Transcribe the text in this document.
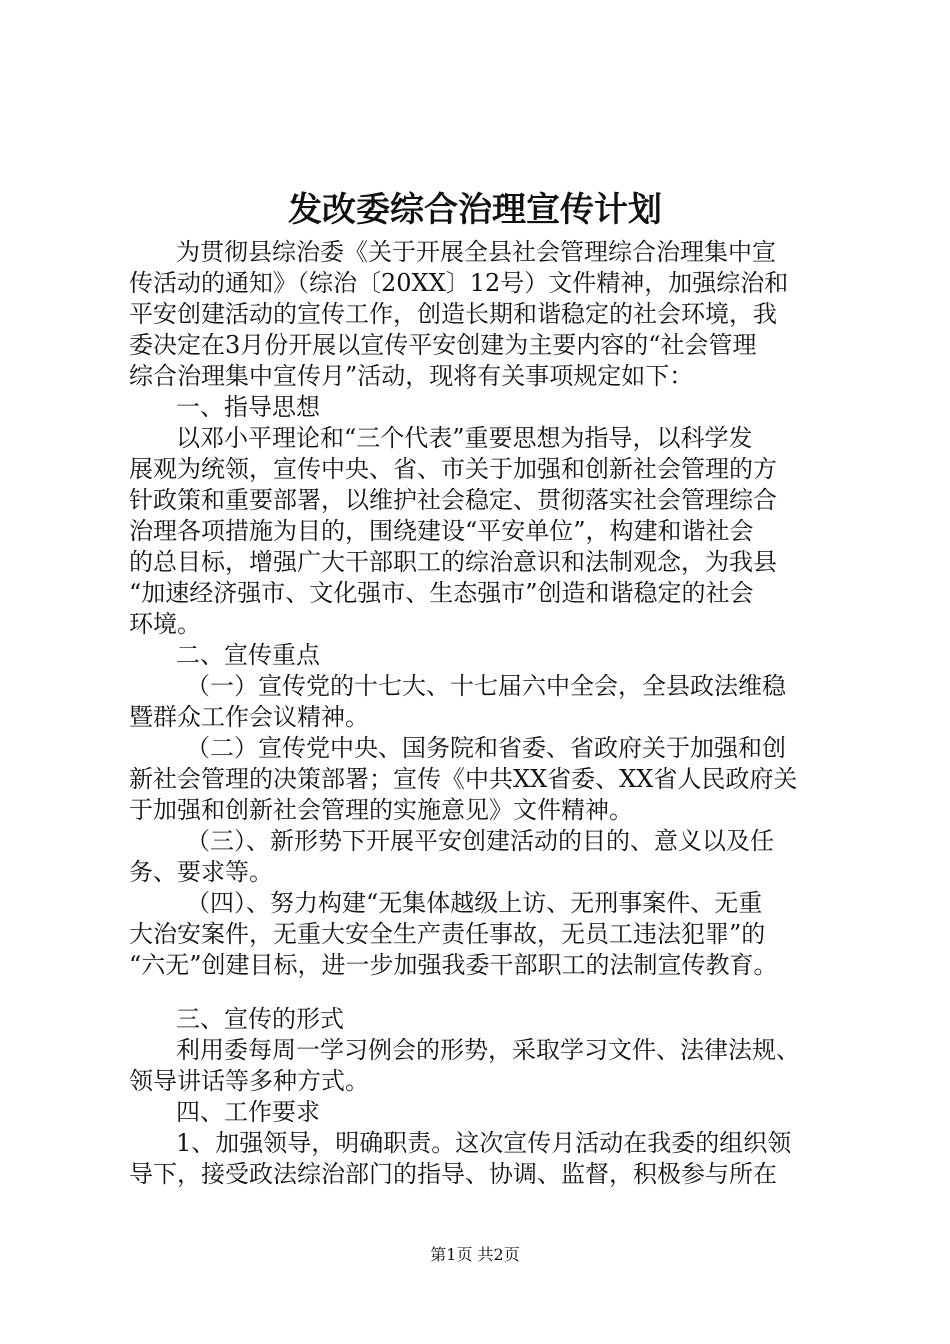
发改委综合治理宣传计划
为贯彻县综治委《关于开展全县社会管理综合治理集中宣
传活动的通知》（综治〔20XX〕12号）文件精神，加强综治和
平安创建活动的宣传工作，创造长期和谐稳定的社会环境，我
委决定在3月份开展以宣传平安创建为主要内容的“社会管理
综合治理集中宣传月”活动，现将有关事项规定如下：
一、指导思想
以邓小平理论和“三个代表”重要思想为指导，以科学发
展观为统领，宣传中央、省、市关于加强和创新社会管理的方
针政策和重要部署，以维护社会稳定、贯彻落实社会管理综合
治理各项措施为目的，围绕建设“平安单位”，构建和谐社会
的总目标，增强广大干部职工的综治意识和法制观念，为我县
“加速经济强市、文化强市、生态强市”创造和谐稳定的社会
环境。
二、宣传重点
（一）宣传党的十七大、十七届六中全会，全县政法维稳
暨群众工作会议精神。
（二）宣传党中央、国务院和省委、省政府关于加强和创
新社会管理的决策部署；宣传《中共XX省委、XX省人民政府关
于加强和创新社会管理的实施意见》文件精神。
（三）、新形势下开展平安创建活动的目的、意义以及任
务、要求等。
（四）、努力构建“无集体越级上访、无刑事案件、无重
大治安案件，无重大安全生产责任事故，无员工违法犯罪”的
“六无”创建目标，进一步加强我委干部职工的法制宣传教育。
三、宣传的形式
利用委每周一学习例会的形势，采取学习文件、法律法规、
领导讲话等多种方式。
四、工作要求
1、加强领导，明确职责。这次宣传月活动在我委的组织领
导下，接受政法综治部门的指导、协调、监督，积极参与所在
第1页 共2页
